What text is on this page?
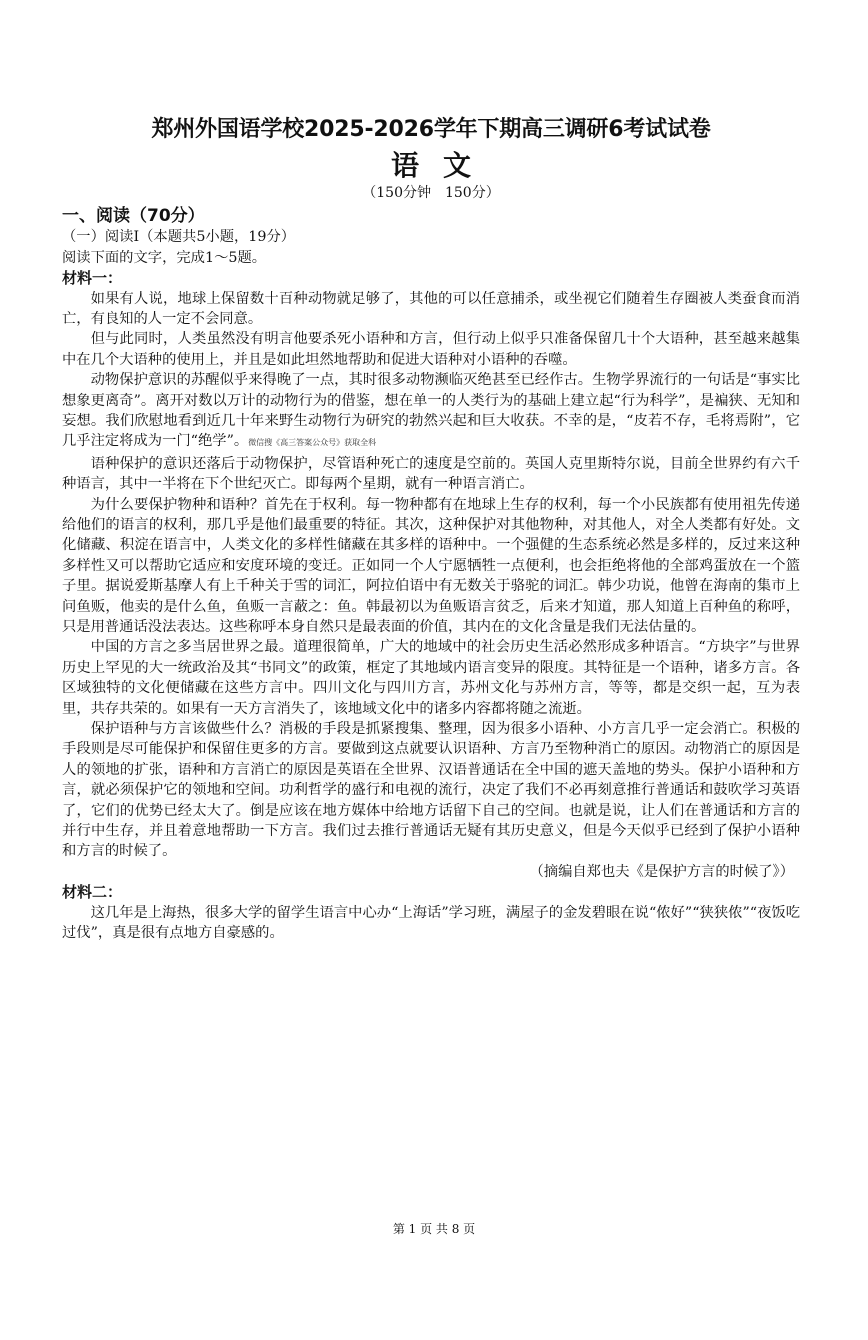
郑州外国语学校2025-2026学年下期高三调研6考试试卷
语文
（150分钟　150分）
一、阅读（70分）
（一）阅读Ⅰ（本题共5小题，19分）
阅读下面的文字，完成1～5题。
材料一：

如果有人说，地球上保留数十百种动物就足够了，其他的可以任意捕杀，或坐视它们随着生存圈被人类蚕食而消亡，有良知的人一定不会同意。

但与此同时，人类虽然没有明言他要杀死小语种和方言，但行动上似乎只准备保留几十个大语种，甚至越来越集中在几个大语种的使用上，并且是如此坦然地帮助和促进大语种对小语种的吞噬。

动物保护意识的苏醒似乎来得晚了一点，其时很多动物濒临灭绝甚至已经作古。生物学界流行的一句话是“事实比想象更离奇”。离开对数以万计的动物行为的借鉴，想在单一的人类行为的基础上建立起“行为科学”，是褊狭、无知和妄想。我们欣慰地看到近几十年来野生动物行为研究的勃然兴起和巨大收获。不幸的是，“皮若不存，毛将焉附”，它几乎注定将成为一门“绝学”。微信搜《高三答案公众号》获取全科

语种保护的意识还落后于动物保护，尽管语种死亡的速度是空前的。英国人克里斯特尔说，目前全世界约有六千种语言，其中一半将在下个世纪灭亡。即每两个星期，就有一种语言消亡。

为什么要保护物种和语种？首先在于权利。每一物种都有在地球上生存的权利，每一个小民族都有使用祖先传递给他们的语言的权利，那几乎是他们最重要的特征。其次，这种保护对其他物种，对其他人，对全人类都有好处。文化储藏、积淀在语言中，人类文化的多样性储藏在其多样的语种中。一个强健的生态系统必然是多样的，反过来这种多样性又可以帮助它适应和安度环境的变迁。正如同一个人宁愿牺牲一点便利，也会拒绝将他的全部鸡蛋放在一个篮子里。据说爱斯基摩人有上千种关于雪的词汇，阿拉伯语中有无数关于骆驼的词汇。韩少功说，他曾在海南的集市上问鱼贩，他卖的是什么鱼，鱼贩一言蔽之：鱼。韩最初以为鱼贩语言贫乏，后来才知道，那人知道上百种鱼的称呼，只是用普通话没法表达。这些称呼本身自然只是最表面的价值，其内在的文化含量是我们无法估量的。

中国的方言之多当居世界之最。道理很简单，广大的地域中的社会历史生活必然形成多种语言。“方块字”与世界历史上罕见的大一统政治及其“书同文”的政策，框定了其地域内语言变异的限度。其特征是一个语种，诸多方言。各区域独特的文化便储藏在这些方言中。四川文化与四川方言，苏州文化与苏州方言，等等，都是交织一起，互为表里，共存共荣的。如果有一天方言消失了，该地域文化中的诸多内容都将随之流逝。

保护语种与方言该做些什么？消极的手段是抓紧搜集、整理，因为很多小语种、小方言几乎一定会消亡。积极的手段则是尽可能保护和保留住更多的方言。要做到这点就要认识语种、方言乃至物种消亡的原因。动物消亡的原因是人的领地的扩张，语种和方言消亡的原因是英语在全世界、汉语普通话在全中国的遮天盖地的势头。保护小语种和方言，就必须保护它的领地和空间。功利哲学的盛行和电视的流行，决定了我们不必再刻意推行普通话和鼓吹学习英语了，它们的优势已经太大了。倒是应该在地方媒体中给地方话留下自己的空间。也就是说，让人们在普通话和方言的并行中生存，并且着意地帮助一下方言。我们过去推行普通话无疑有其历史意义，但是今天似乎已经到了保护小语种和方言的时候了。

（摘编自郑也夫《是保护方言的时候了》）

材料二：

这几年是上海热，很多大学的留学生语言中心办“上海话”学习班，满屋子的金发碧眼在说“侬好”“狭狭侬”“夜饭吃过伐”，真是很有点地方自豪感的。

第 1 页 共 8 页
